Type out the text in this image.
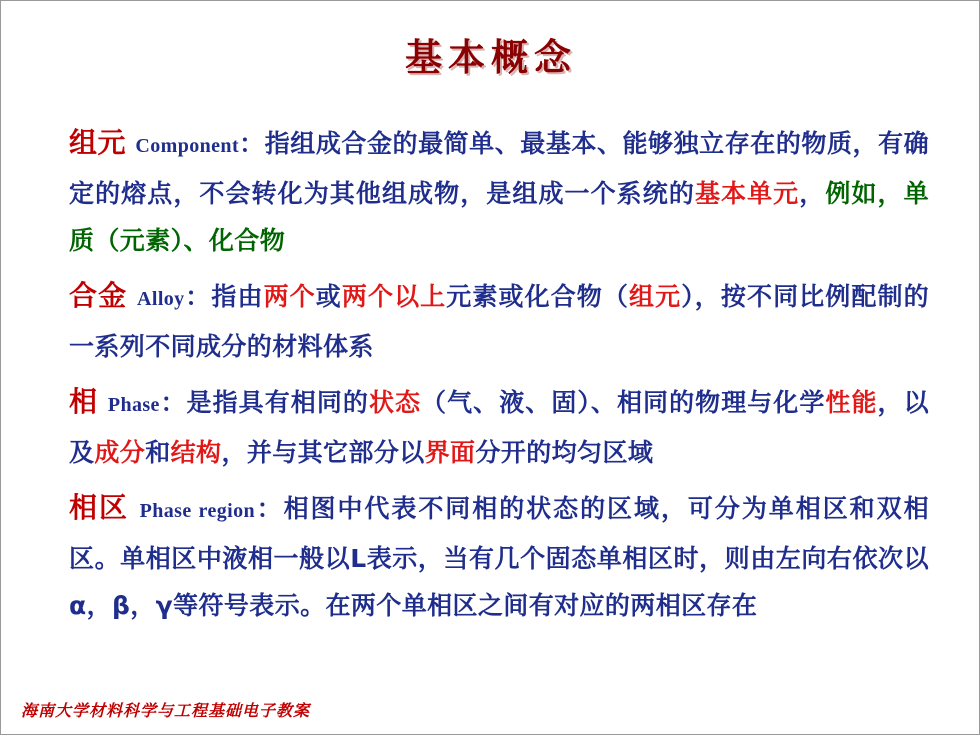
基本概念
组元 Component：指组成合金的最简单、最基本、能够独立存在的物质，有确定的熔点，不会转化为其他组成物，是组成一个系统的基本单元，例如，单质（元素）、化合物
合金 Alloy：指由两个或两个以上元素或化合物（组元），按不同比例配制的一系列不同成分的材料体系
相 Phase：是指具有相同的状态（气、液、固）、相同的物理与化学性能，以及成分和结构，并与其它部分以界面分开的均匀区域
相区 Phase region：相图中代表不同相的状态的区域，可分为单相区和双相区。单相区中液相一般以L表示，当有几个固态单相区时，则由左向右依次以α，β，γ等符号表示。在两个单相区之间有对应的两相区存在
海南大学材料科学与工程基础电子教案
